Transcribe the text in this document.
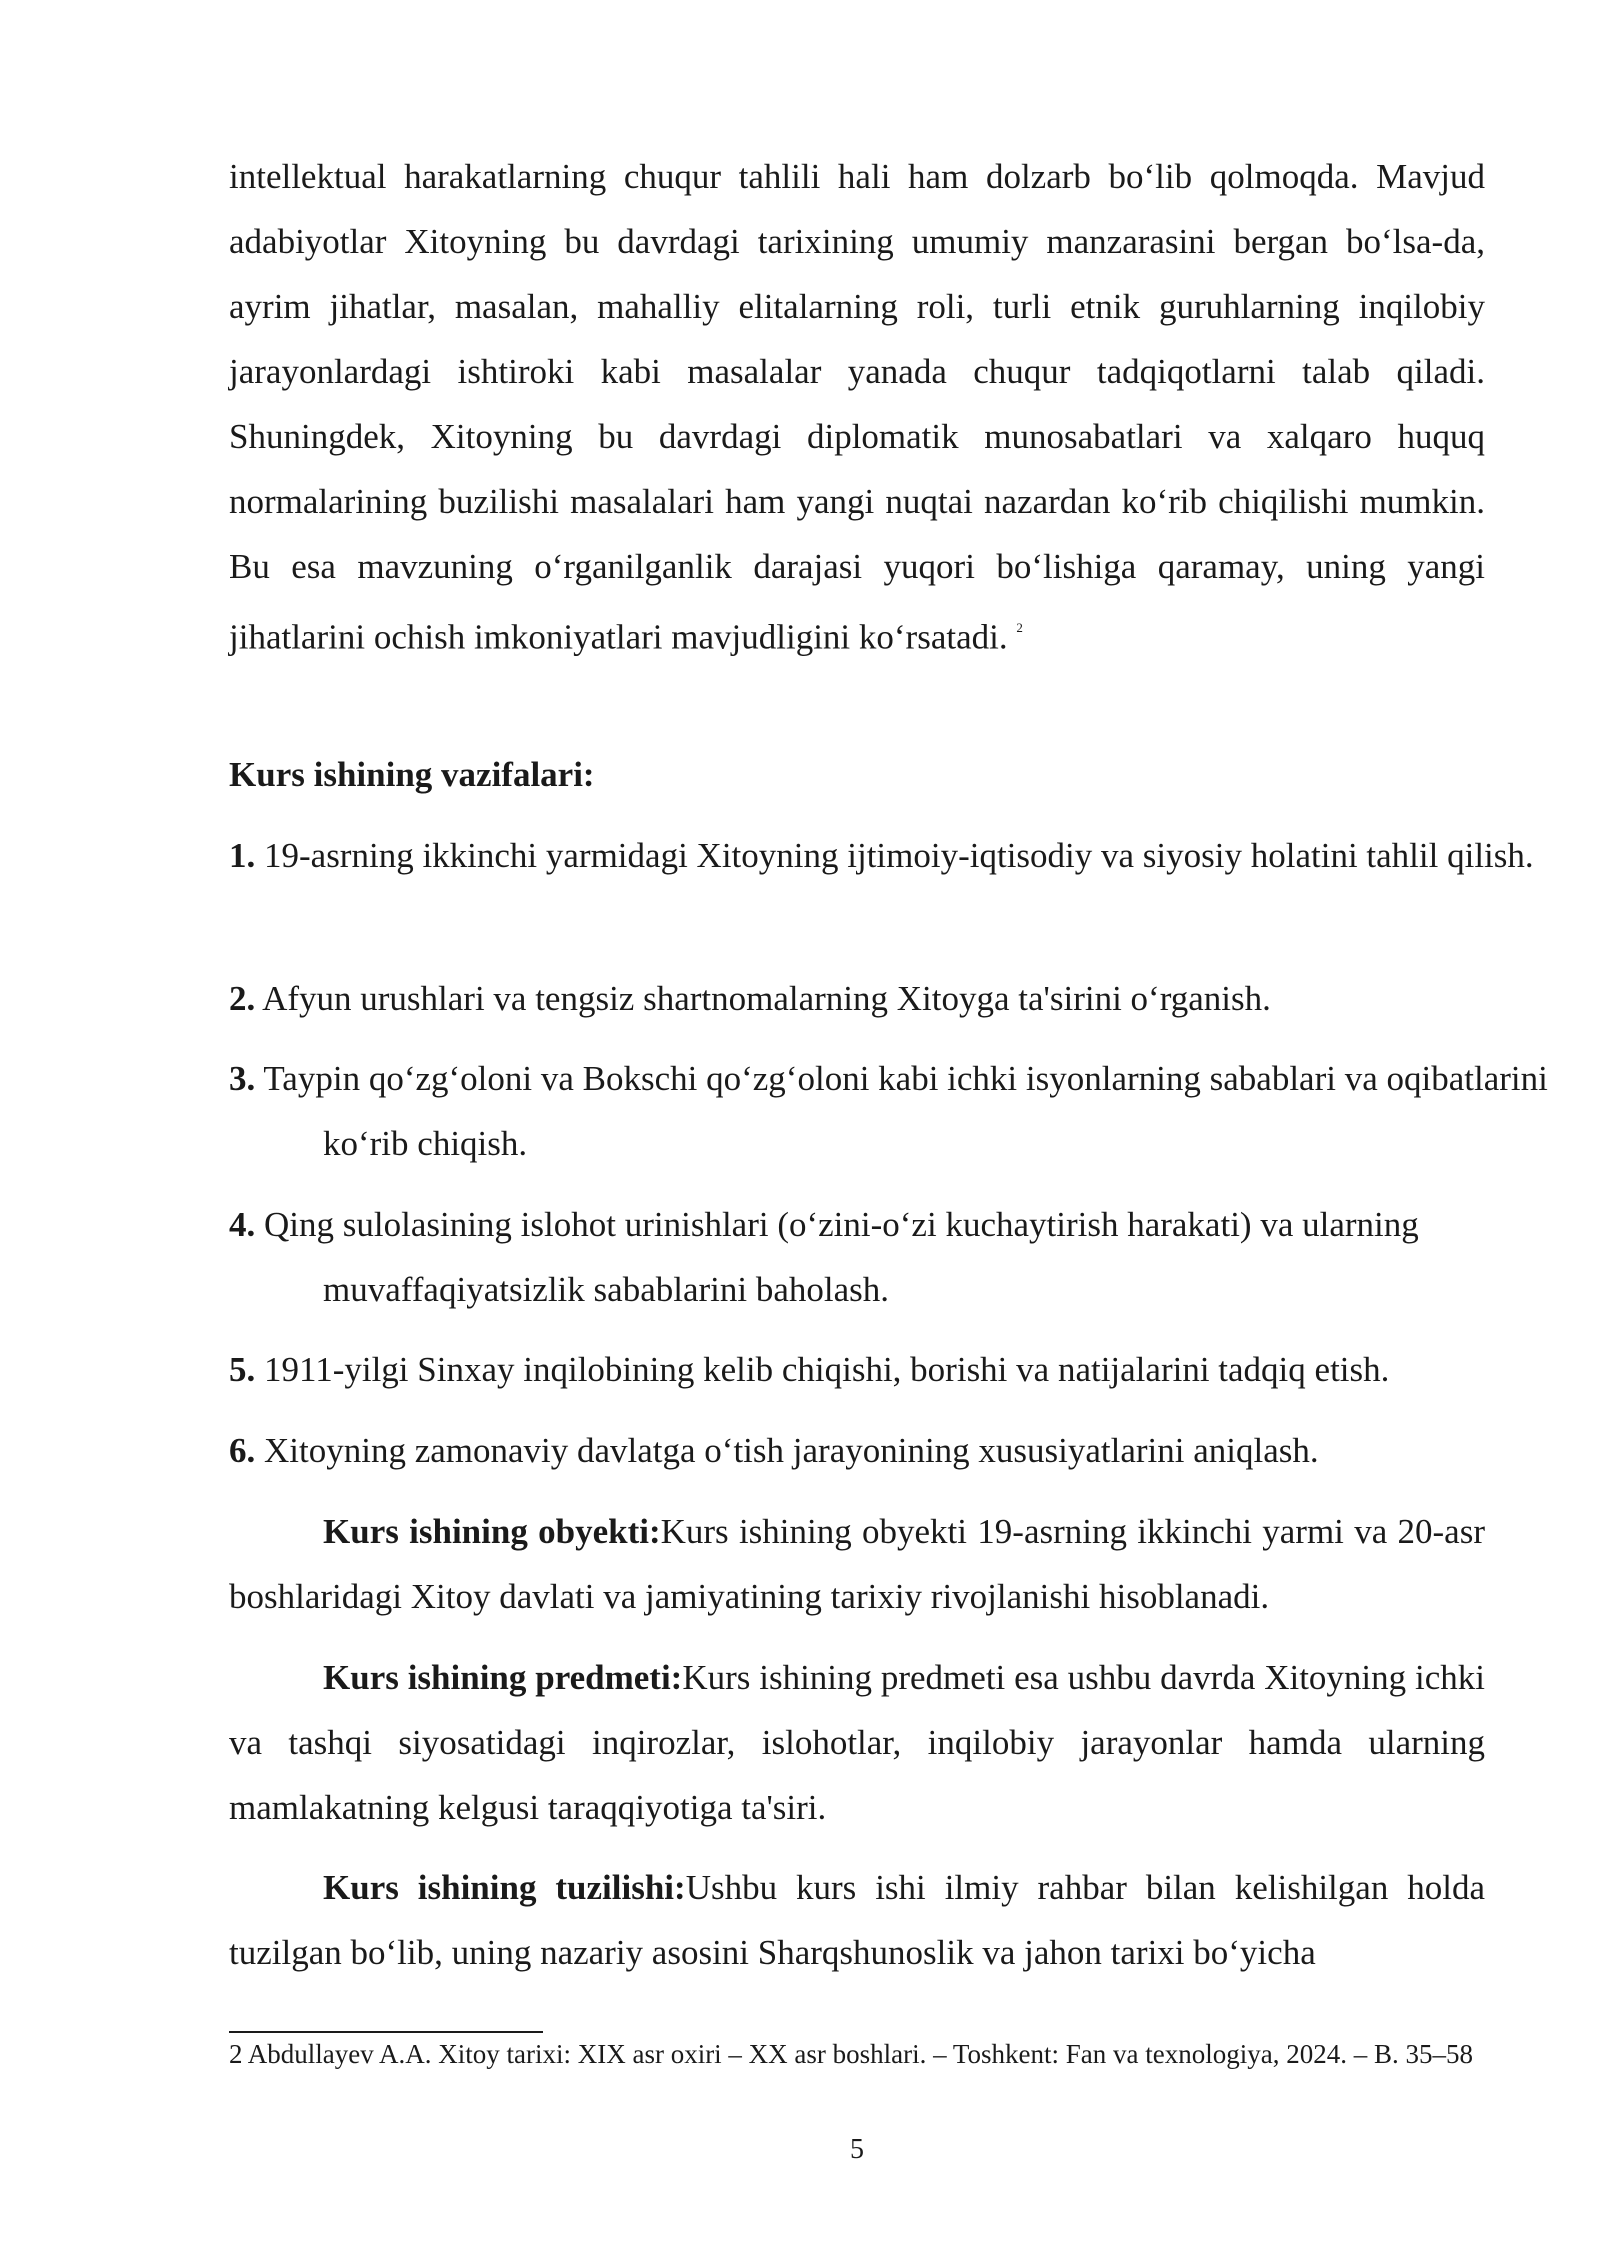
intellektual harakatlarning chuqur tahlili hali ham dolzarb bo‘lib qolmoqda. Mavjud adabiyotlar Xitoyning bu davrdagi tarixining umumiy manzarasini bergan bo‘lsa-da, ayrim jihatlar, masalan, mahalliy elitalarning roli, turli etnik guruhlarning inqilobiy jarayonlardagi ishtiroki kabi masalalar yanada chuqur tadqiqotlarni talab qiladi. Shuningdek, Xitoyning bu davrdagi diplomatik munosabatlari va xalqaro huquq normalarining buzilishi masalalari ham yangi nuqtai nazardan ko‘rib chiqilishi mumkin. Bu esa mavzuning o‘rganilganlik darajasi yuqori bo‘lishiga qaramay, uning yangi jihatlarini ochish imkoniyatlari mavjudligini ko‘rsatadi. $^2$

Kurs ishining vazifalari:

1. 19-asrning ikkinchi yarmidagi Xitoyning ijtimoiy-iqtisodiy va siyosiy holatini tahlil qilish.

2. Afyun urushlari va tengsiz shartnomalarning Xitoyga ta'sirini o‘rganish.

3. Taypin qo‘zg‘oloni va Bokschi qo‘zg‘oloni kabi ichki isyonlarning sabablari va oqibatlarini ko‘rib chiqish.

4. Qing sulolasining islohot urinishlari (o‘zini-o‘zi kuchaytirish harakati) va ularning muvaffaqiyatsizlik sabablarini baholash.

5. 1911-yilgi Sinxay inqilobining kelib chiqishi, borishi va natijalarini tadqiq etish.

6. Xitoyning zamonaviy davlatga o‘tish jarayonining xususiyatlarini aniqlash.

Kurs ishining obyekti:Kurs ishining obyekti 19-asrning ikkinchi yarmi va 20-asr boshlaridagi Xitoy davlati va jamiyatining tarixiy rivojlanishi hisoblanadi.

Kurs ishining predmeti:Kurs ishining predmeti esa ushbu davrda Xitoyning ichki va tashqi siyosatidagi inqirozlar, islohotlar, inqilobiy jarayonlar hamda ularning mamlakatning kelgusi taraqqiyotiga ta'siri.

Kurs ishining tuzilishi:Ushbu kurs ishi ilmiy rahbar bilan kelishilgan holda tuzilgan bo‘lib, uning nazariy asosini Sharqshunoslik va jahon tarixi bo‘yicha

2 Abdullayev A.A. Xitoy tarixi: XIX asr oxiri – XX asr boshlari. – Toshkent: Fan va texnologiya, 2024. – B. 35–58

5
